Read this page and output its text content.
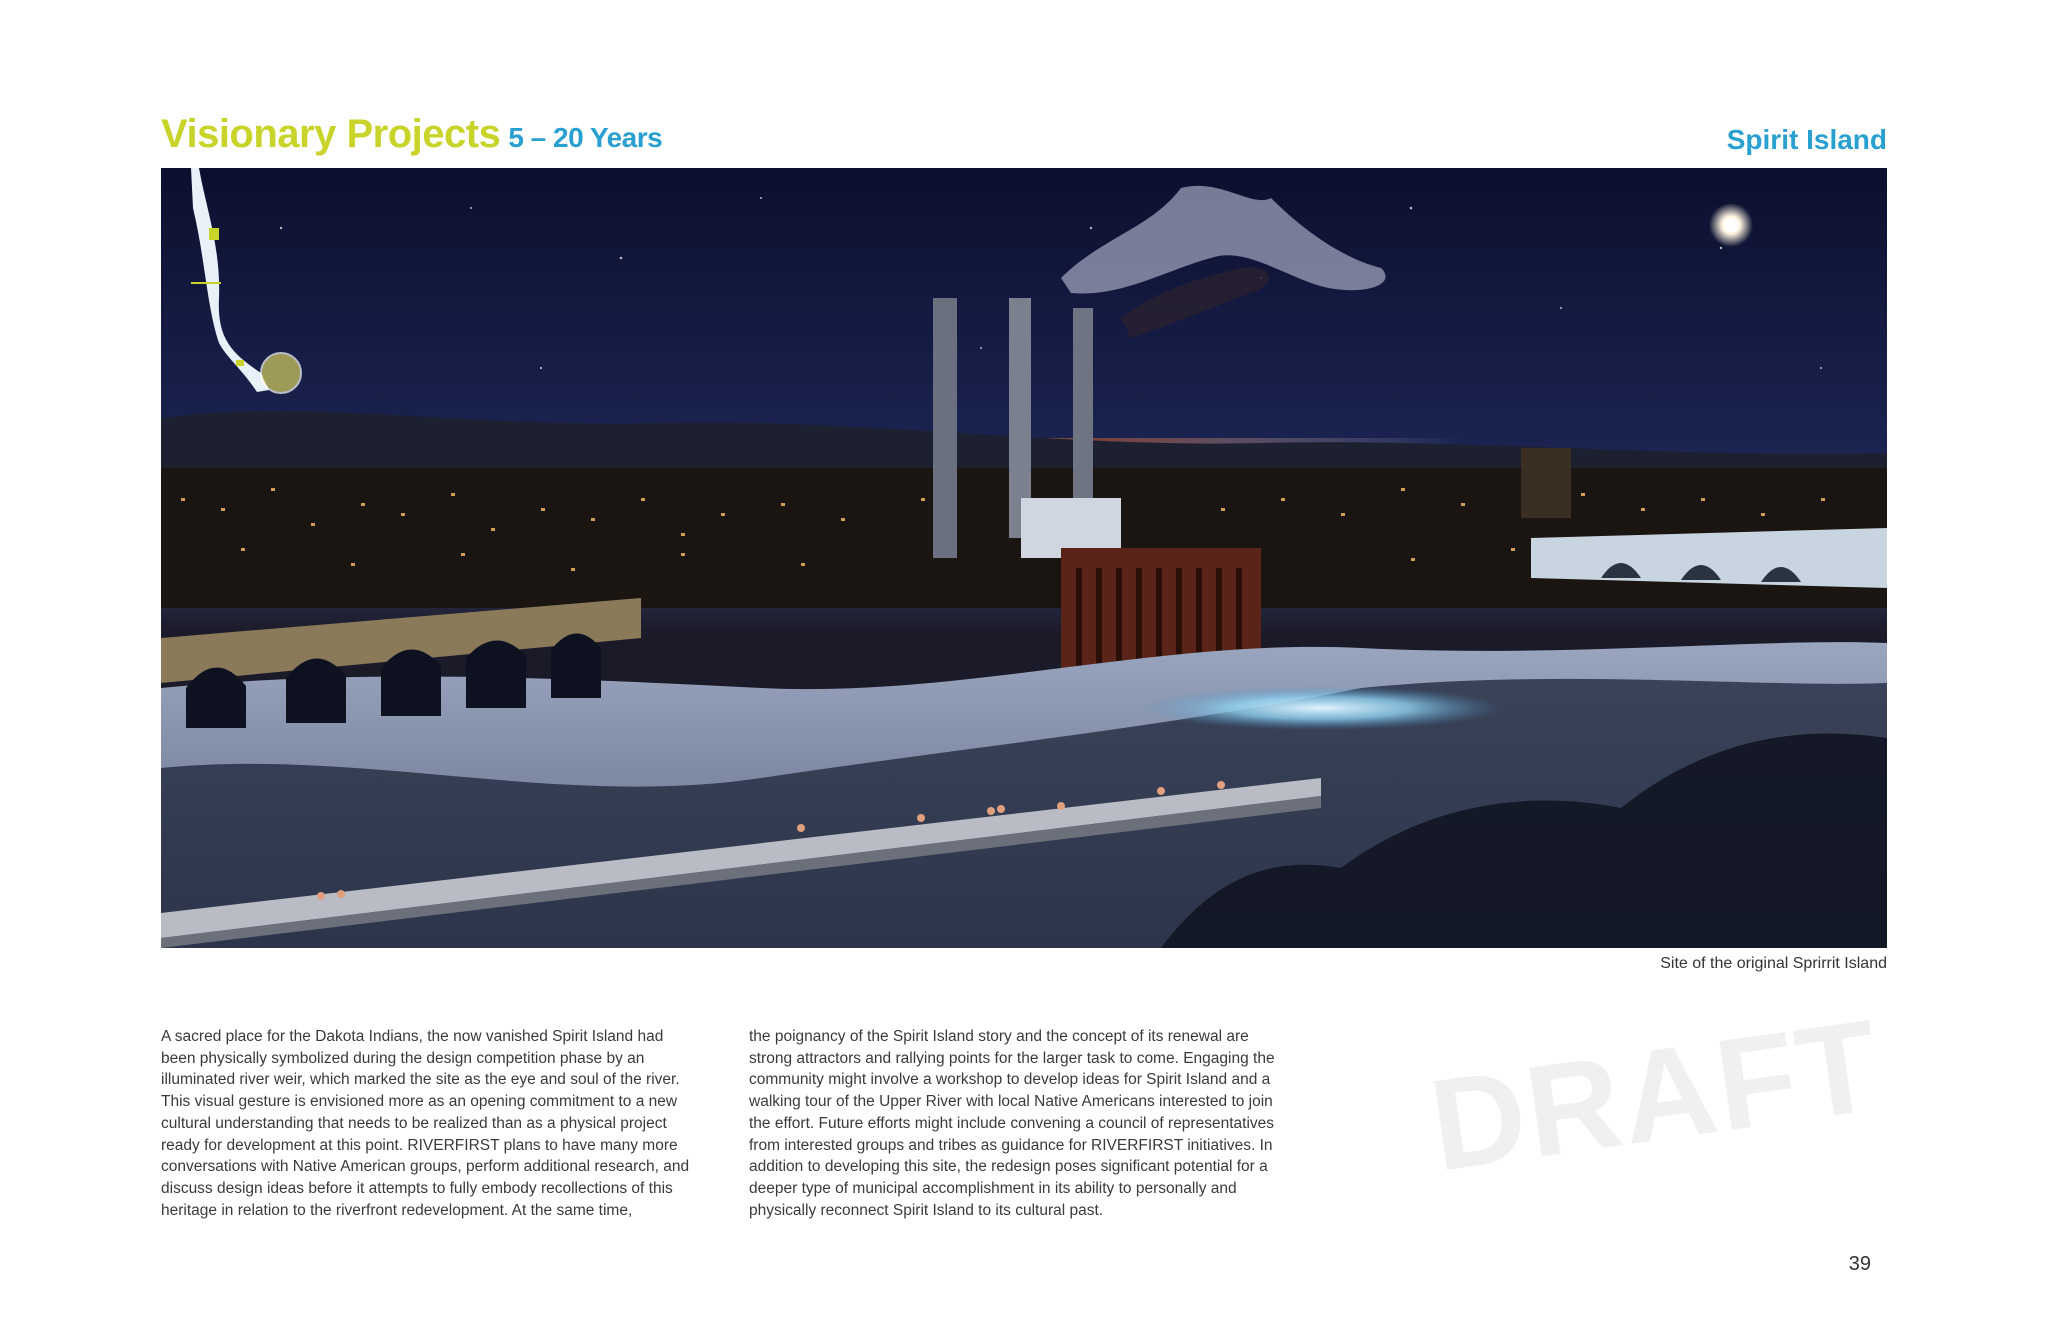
Visionary Projects 5 – 20 Years	Spirit Island
Site of the original Sprirrit Island
A sacred place for the Dakota Indians, the now vanished Spirit Island had been physically symbolized during the design competition phase by an illuminated river weir, which marked the site as the eye and soul of the river. This visual gesture is envisioned more as an opening commitment to a new cultural understanding that needs to be realized than as a physical project ready for development at this point. RIVERFIRST plans to have many more conversations with Native American groups, perform additional research, and discuss design ideas before it attempts to fully embody recollections of this heritage in relation to the riverfront redevelopment. At the same time,
the poignancy of the Spirit Island story and the concept of its renewal are strong attractors and rallying points for the larger task to come. Engaging the community might involve a workshop to develop ideas for Spirit Island and a walking tour of the Upper River with local Native Americans interested to join the effort. Future efforts might include convening a council of representatives from interested groups and tribes as guidance for RIVERFIRST initiatives. In addition to developing this site, the redesign poses significant potential for a deeper type of municipal accomplishment in its ability to personally and physically reconnect Spirit Island to its cultural past.
DRAFT
39
